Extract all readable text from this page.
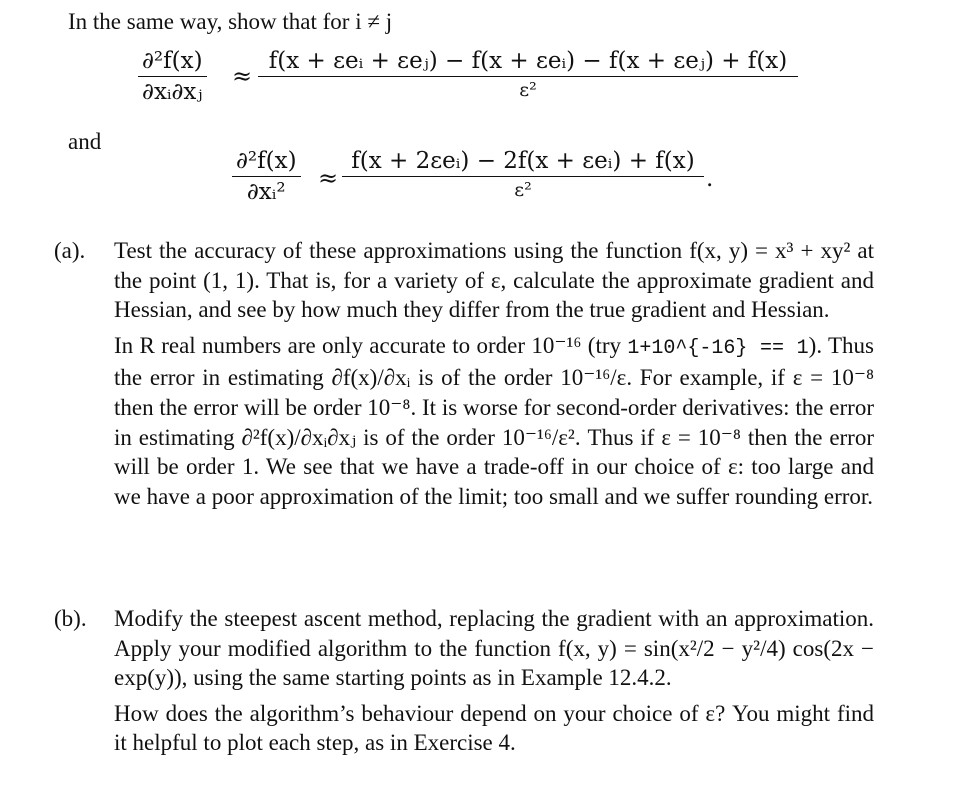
In the same way, show that for i ≠ j
∂²f(x)
∂xᵢ∂xⱼ
≈
f(x + εeᵢ + εeⱼ) − f(x + εeᵢ) − f(x + εeⱼ) + f(x)
ε²
and
∂²f(x)
∂xᵢ²	≈
f(x + 2εeᵢ) − 2f(x + εeᵢ) + f(x)
ε²	.
(a). Test the accuracy of these approximations using the function f(x, y) = x³ + xy² at the point (1, 1). That is, for a variety of ε, calculate the approximate gradient and Hessian, and see by how much they differ from the true gradient and Hessian.

In R real numbers are only accurate to order 10⁻¹⁶ (try 1+10^{-16} == 1). Thus the error in estimating ∂f(x)/∂xᵢ is of the order 10⁻¹⁶/ε. For example, if ε = 10⁻⁸ then the error will be order 10⁻⁸. It is worse for second-order derivatives: the error in estimating ∂²f(x)/∂xᵢ∂xⱼ is of the order 10⁻¹⁶/ε². Thus if ε = 10⁻⁸ then the error will be order 1. We see that we have a trade-off in our choice of ε: too large and we have a poor approximation of the limit; too small and we suffer rounding error.

(b). Modify the steepest ascent method, replacing the gradient with an approximation. Apply your modified algorithm to the function f(x, y) = sin(x²/2 − y²/4) cos(2x − exp(y)), using the same starting points as in Example 12.4.2.

How does the algorithm’s behaviour depend on your choice of ε? You might find it helpful to plot each step, as in Exercise 4.
